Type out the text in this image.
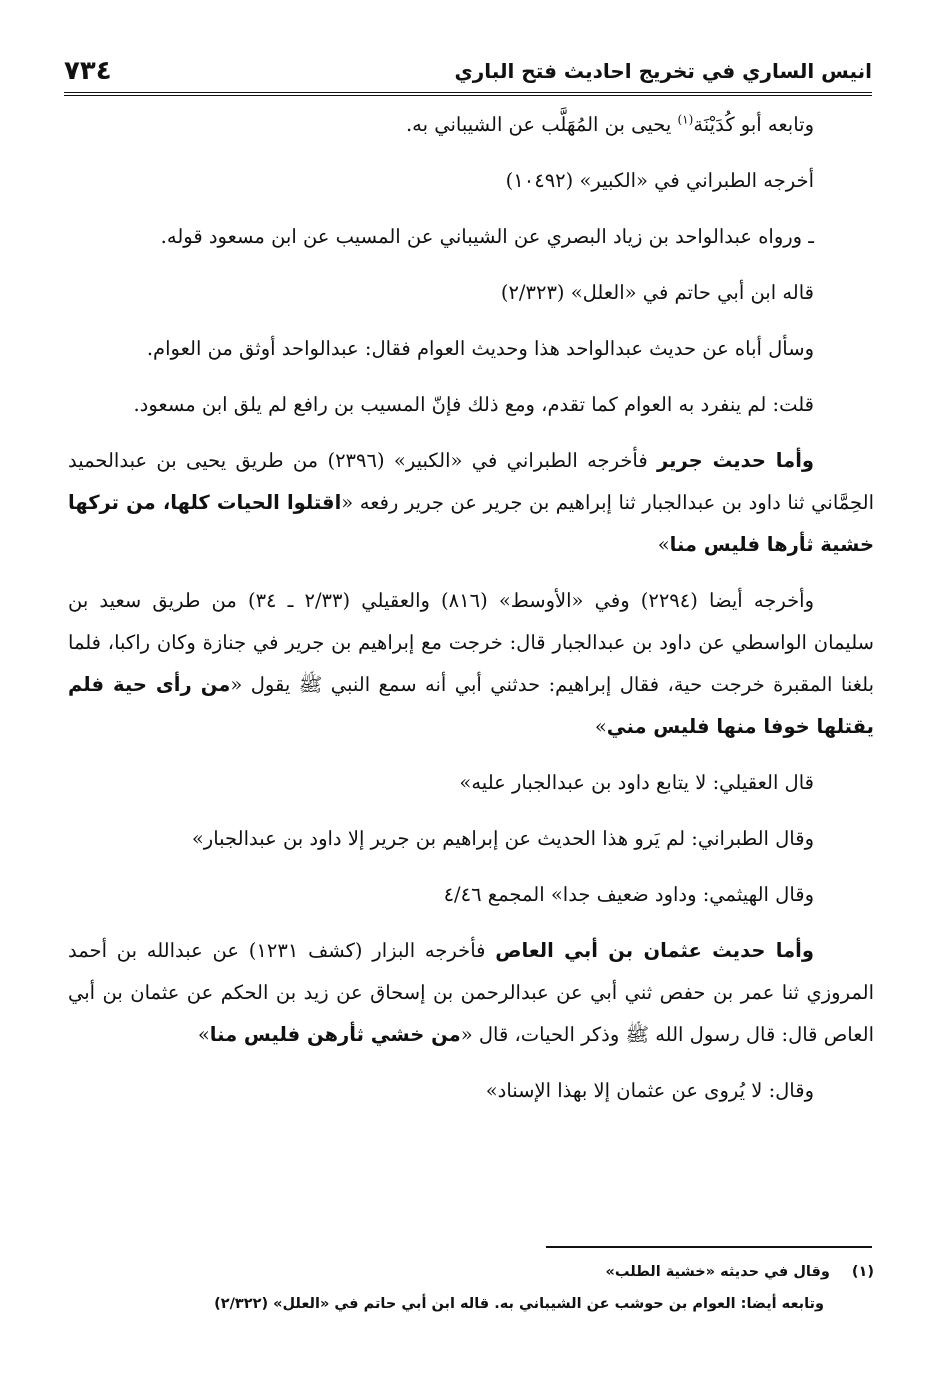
انيس الساري في تخريج احاديث فتح الباري
٧٣٤

وتابعه أبو كُدَيْنَة$^{(١)}$ يحيى بن المُهَلَّب عن الشيباني به.

أخرجه الطبراني في «الكبير» (١٠٤٩٢)

ـ ورواه عبدالواحد بن زياد البصري عن الشيباني عن المسيب عن ابن مسعود قوله.

قاله ابن أبي حاتم في «العلل» (٢/٣٢٣)

وسأل أباه عن حديث عبدالواحد هذا وحديث العوام فقال: عبدالواحد أوثق من العوام.

قلت: لم ينفرد به العوام كما تقدم، ومع ذلك فإنّ المسيب بن رافع لم يلق ابن مسعود.

وأما حديث جرير فأخرجه الطبراني في «الكبير» (٢٣٩٦) من طريق يحيى بن عبدالحميد الحِمَّاني ثنا داود بن عبدالجبار ثنا إبراهيم بن جرير عن جرير رفعه «اقتلوا الحيات كلها، من تركها خشية ثأرها فليس منا»

وأخرجه أيضا (٢٢٩٤) وفي «الأوسط» (٨١٦) والعقيلي (٢/٣٣ ـ ٣٤) من طريق سعيد بن سليمان الواسطي عن داود بن عبدالجبار قال: خرجت مع إبراهيم بن جرير في جنازة وكان راكبا، فلما بلغنا المقبرة خرجت حية، فقال إبراهيم: حدثني أبي أنه سمع النبي ﷺ يقول «من رأى حية فلم يقتلها خوفا منها فليس مني»

قال العقيلي: لا يتابع داود بن عبدالجبار عليه»

وقال الطبراني: لم يَرو هذا الحديث عن إبراهيم بن جرير إلا داود بن عبدالجبار»

وقال الهيثمي: وداود ضعيف جدا» المجمع ٤/٤٦

وأما حديث عثمان بن أبي العاص فأخرجه البزار (كشف ١٢٣١) عن عبدالله بن أحمد المروزي ثنا عمر بن حفص ثني أبي عن عبدالرحمن بن إسحاق عن زيد بن الحكم عن عثمان بن أبي العاص قال: قال رسول الله ﷺ وذكر الحيات، قال «من خشي ثأرهن فليس منا»

وقال: لا يُروى عن عثمان إلا بهذا الإسناد»

(١)وقال في حديثه «خشية الطلب»

وتابعه أيضا: العوام بن حوشب عن الشيباني به. قاله ابن أبي حاتم في «العلل» (٢/٣٢٢)
